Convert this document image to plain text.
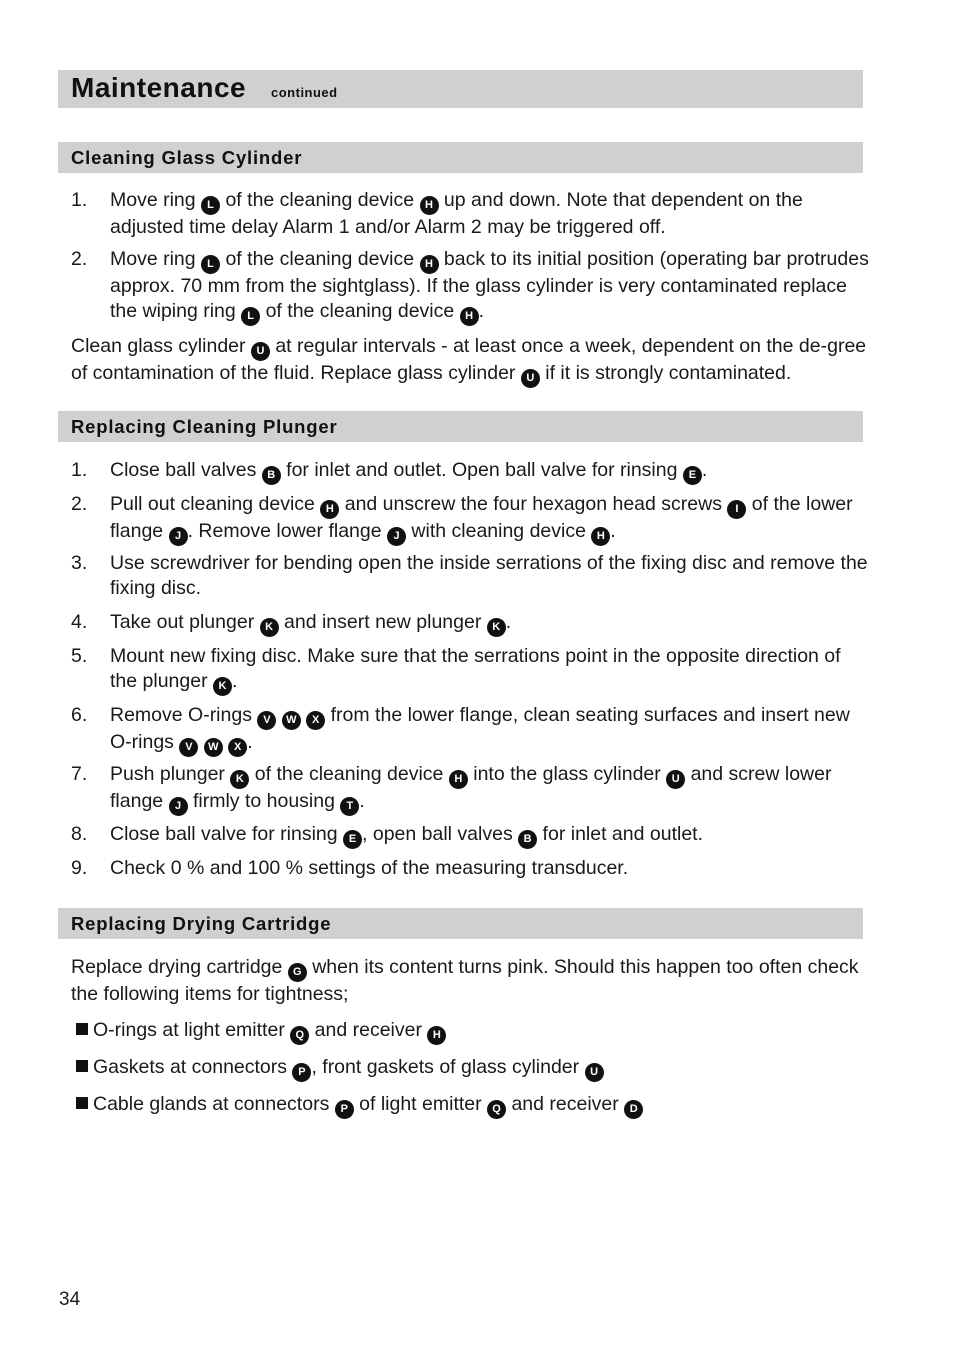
Maintenance continued
Cleaning Glass Cylinder
1. Move ring L of the cleaning device H up and down. Note that dependent on the adjusted time delay Alarm 1 and/or Alarm 2 may be triggered off.
2. Move ring L of the cleaning device H back to its initial position (operating bar protrudes approx. 70 mm from the sightglass). If the glass cylinder is very contaminated replace the wiping ring L of the cleaning device H .
Clean glass cylinder U at regular intervals - at least once a week, dependent on the de-gree of contamination of the fluid. Replace glass cylinder U if it is strongly contaminated.
Replacing Cleaning Plunger
1. Close ball valves B for inlet and outlet. Open ball valve for rinsing E .
2. Pull out cleaning device H and unscrew the four hexagon head screws I of the lower flange J . Remove lower flange J with cleaning device H .
3. Use screwdriver for bending open the inside serrations of the fixing disc and remove the fixing disc.
4. Take out plunger K and insert new plunger K .
5. Mount new fixing disc. Make sure that the serrations point in the opposite direction of the plunger K .
6. Remove O-rings V W X from the lower flange, clean seating surfaces and insert new O-rings V W X .
7. Push plunger K of the cleaning device H into the glass cylinder U and screw lower flange J firmly to housing T .
8. Close ball valve for rinsing E , open ball valves B for inlet and outlet.
9. Check 0 % and 100 % settings of the measuring transducer.
Replacing Drying Cartridge
Replace drying cartridge G when its content turns pink. Should this happen too often check the following items for tightness;
O-rings at light emitter Q and receiver H
Gaskets at connectors P , front gaskets of glass cylinder U
Cable glands at connectors P of light emitter Q and receiver D
34
